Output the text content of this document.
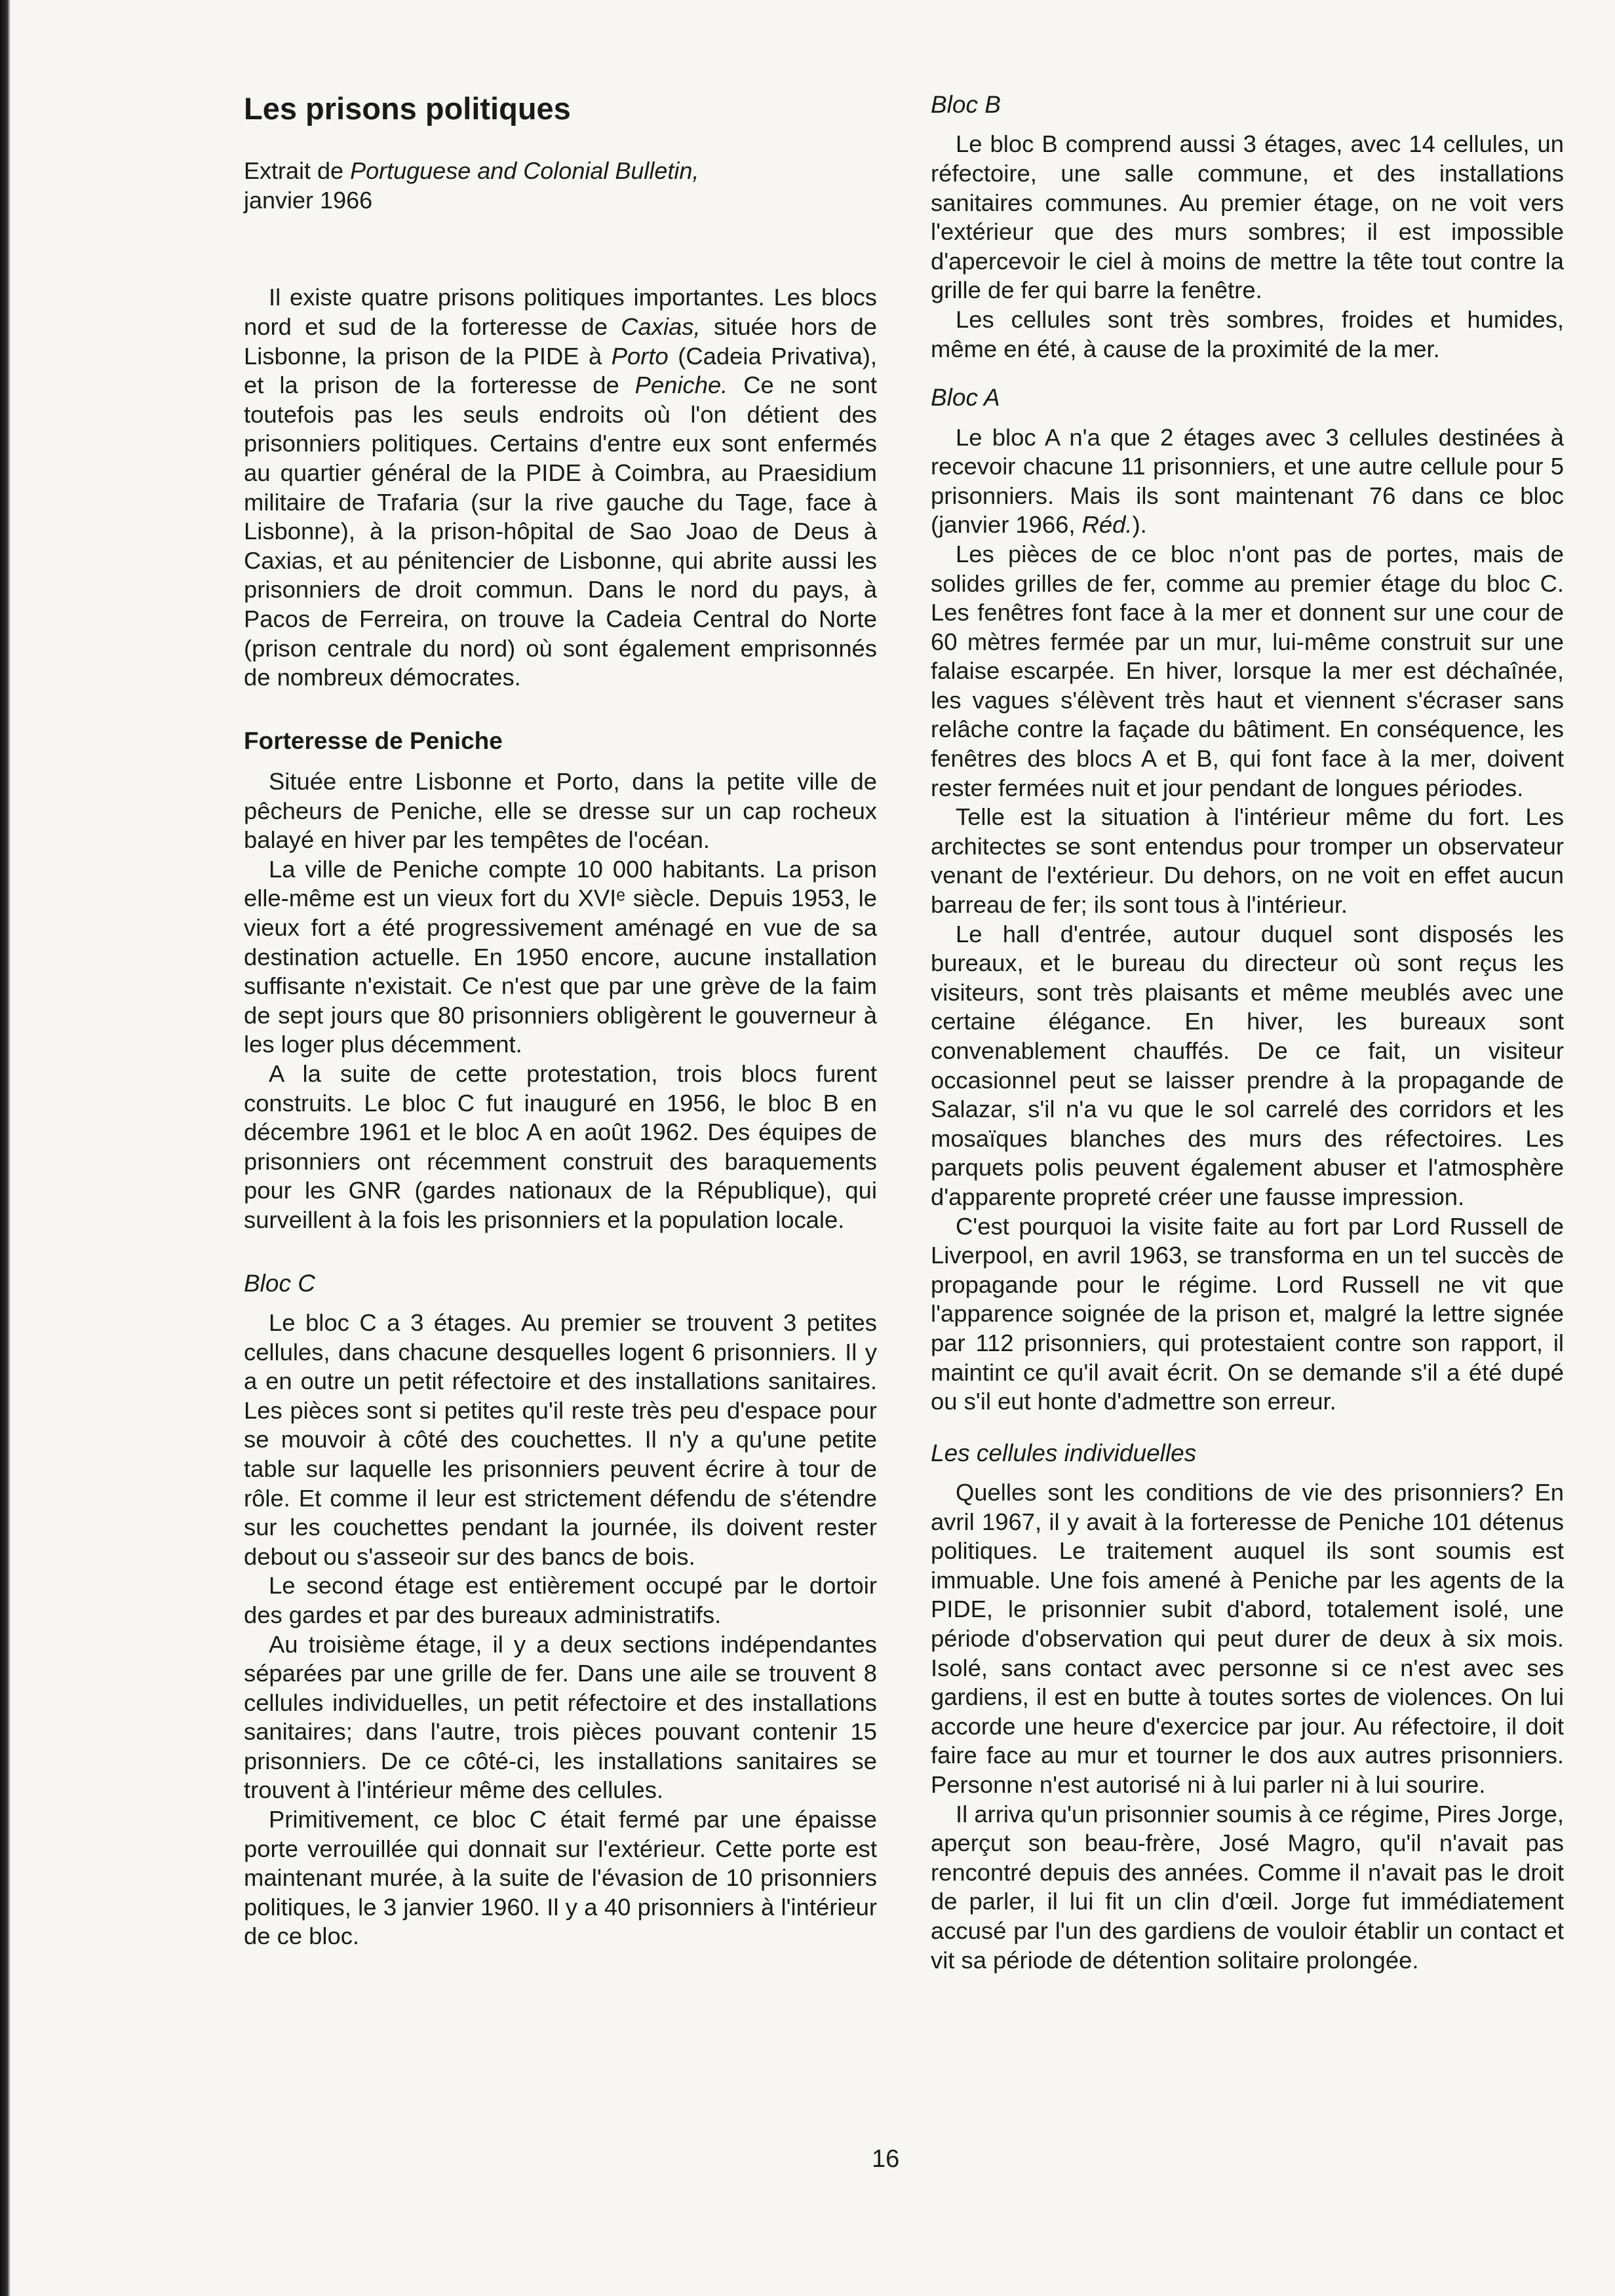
Les prisons politiques
Extrait de Portuguese and Colonial Bulletin,
janvier 1966

Il existe quatre prisons politiques importantes. Les blocs nord et sud de la forteresse de Caxias, située hors de Lisbonne, la prison de la PIDE à Porto (Cadeia Privativa), et la prison de la forteresse de Peniche. Ce ne sont toutefois pas les seuls endroits où l'on détient des prisonniers politiques. Certains d'entre eux sont enfermés au quartier général de la PIDE à Coimbra, au Praesidium militaire de Trafaria (sur la rive gauche du Tage, face à Lisbonne), à la prison-hôpital de Sao Joao de Deus à Caxias, et au pénitencier de Lisbonne, qui abrite aussi les prisonniers de droit commun. Dans le nord du pays, à Pacos de Ferreira, on trouve la Cadeia Central do Norte (prison centrale du nord) où sont également emprisonnés de nombreux démocrates.

Forteresse de Peniche

Située entre Lisbonne et Porto, dans la petite ville de pêcheurs de Peniche, elle se dresse sur un cap rocheux balayé en hiver par les tempêtes de l'océan.

La ville de Peniche compte 10 000 habitants. La prison elle-même est un vieux fort du XVIᵉ siècle. Depuis 1953, le vieux fort a été progressivement aménagé en vue de sa destination actuelle. En 1950 encore, aucune installation suffisante n'existait. Ce n'est que par une grève de la faim de sept jours que 80 prisonniers obligèrent le gouverneur à les loger plus décemment.

A la suite de cette protestation, trois blocs furent construits. Le bloc C fut inauguré en 1956, le bloc B en décembre 1961 et le bloc A en août 1962. Des équipes de prisonniers ont récemment construit des baraquements pour les GNR (gardes nationaux de la République), qui surveillent à la fois les prisonniers et la population locale.

Bloc C

Le bloc C a 3 étages. Au premier se trouvent 3 petites cellules, dans chacune desquelles logent 6 prisonniers. Il y a en outre un petit réfectoire et des installations sanitaires. Les pièces sont si petites qu'il reste très peu d'espace pour se mouvoir à côté des couchettes. Il n'y a qu'une petite table sur laquelle les prisonniers peuvent écrire à tour de rôle. Et comme il leur est strictement défendu de s'étendre sur les couchettes pendant la journée, ils doivent rester debout ou s'asseoir sur des bancs de bois.

Le second étage est entièrement occupé par le dortoir des gardes et par des bureaux administratifs.

Au troisième étage, il y a deux sections indépendantes séparées par une grille de fer. Dans une aile se trouvent 8 cellules individuelles, un petit réfectoire et des installations sanitaires; dans l'autre, trois pièces pouvant contenir 15 prisonniers. De ce côté-ci, les installations sanitaires se trouvent à l'intérieur même des cellules.

Primitivement, ce bloc C était fermé par une épaisse porte verrouillée qui donnait sur l'extérieur. Cette porte est maintenant murée, à la suite de l'évasion de 10 prisonniers politiques, le 3 janvier 1960. Il y a 40 prisonniers à l'intérieur de ce bloc.

Bloc B

Le bloc B comprend aussi 3 étages, avec 14 cellules, un réfectoire, une salle commune, et des installations sanitaires communes. Au premier étage, on ne voit vers l'extérieur que des murs sombres; il est impossible d'apercevoir le ciel à moins de mettre la tête tout contre la grille de fer qui barre la fenêtre.

Les cellules sont très sombres, froides et humides, même en été, à cause de la proximité de la mer.

Bloc A

Le bloc A n'a que 2 étages avec 3 cellules destinées à recevoir chacune 11 prisonniers, et une autre cellule pour 5 prisonniers. Mais ils sont maintenant 76 dans ce bloc (janvier 1966, Réd.).

Les pièces de ce bloc n'ont pas de portes, mais de solides grilles de fer, comme au premier étage du bloc C. Les fenêtres font face à la mer et donnent sur une cour de 60 mètres fermée par un mur, lui-même construit sur une falaise escarpée. En hiver, lorsque la mer est déchaînée, les vagues s'élèvent très haut et viennent s'écraser sans relâche contre la façade du bâtiment. En conséquence, les fenêtres des blocs A et B, qui font face à la mer, doivent rester fermées nuit et jour pendant de longues périodes.

Telle est la situation à l'intérieur même du fort. Les architectes se sont entendus pour tromper un observateur venant de l'extérieur. Du dehors, on ne voit en effet aucun barreau de fer; ils sont tous à l'intérieur.

Le hall d'entrée, autour duquel sont disposés les bureaux, et le bureau du directeur où sont reçus les visiteurs, sont très plaisants et même meublés avec une certaine élégance. En hiver, les bureaux sont convenablement chauffés. De ce fait, un visiteur occasionnel peut se laisser prendre à la propagande de Salazar, s'il n'a vu que le sol carrelé des corridors et les mosaïques blanches des murs des réfectoires. Les parquets polis peuvent également abuser et l'atmosphère d'apparente propreté créer une fausse impression.

C'est pourquoi la visite faite au fort par Lord Russell de Liverpool, en avril 1963, se transforma en un tel succès de propagande pour le régime. Lord Russell ne vit que l'apparence soignée de la prison et, malgré la lettre signée par 112 prisonniers, qui protestaient contre son rapport, il maintint ce qu'il avait écrit. On se demande s'il a été dupé ou s'il eut honte d'admettre son erreur.

Les cellules individuelles

Quelles sont les conditions de vie des prisonniers? En avril 1967, il y avait à la forteresse de Peniche 101 détenus politiques. Le traitement auquel ils sont soumis est immuable. Une fois amené à Peniche par les agents de la PIDE, le prisonnier subit d'abord, totalement isolé, une période d'observation qui peut durer de deux à six mois. Isolé, sans contact avec personne si ce n'est avec ses gardiens, il est en butte à toutes sortes de violences. On lui accorde une heure d'exercice par jour. Au réfectoire, il doit faire face au mur et tourner le dos aux autres prisonniers. Personne n'est autorisé ni à lui parler ni à lui sourire.

Il arriva qu'un prisonnier soumis à ce régime, Pires Jorge, aperçut son beau-frère, José Magro, qu'il n'avait pas rencontré depuis des années. Comme il n'avait pas le droit de parler, il lui fit un clin d'œil. Jorge fut immédiatement accusé par l'un des gardiens de vouloir établir un contact et vit sa période de détention solitaire prolongée.

16
